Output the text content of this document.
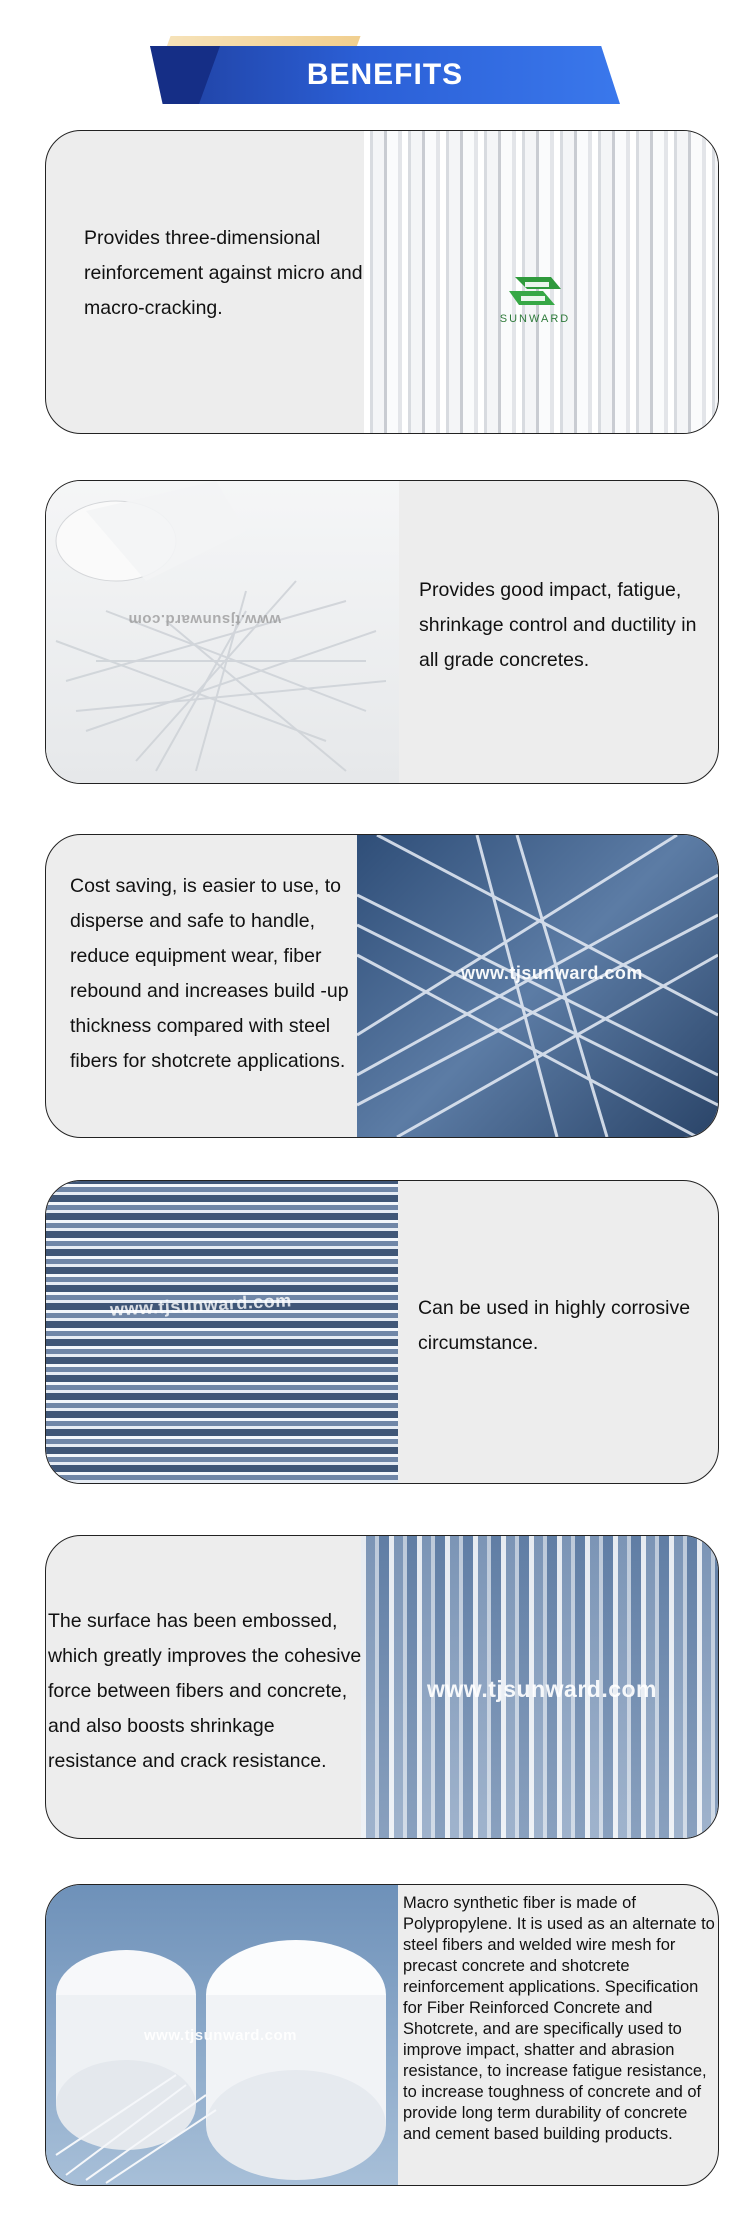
BENEFITS
Provides three-dimensional reinforcement against micro and macro-cracking.	SUNWARD
www.tjsunward.com
Provides good impact, fatigue, shrinkage control and ductility in all grade concretes.
Cost saving, is easier to use, to disperse and safe to handle, reduce equipment wear, fiber rebound and increases build -up thickness compared with steel fibers for shotcrete applications.
www.tjsunward.com
www.tjsunward.com	Can be used in highly corrosive circumstance.
The surface has been embossed, which greatly improves the cohesive force between fibers and concrete, and also boosts shrinkage resistance and crack resistance.
www.tjsunward.com
www.tjsunward.com
Macro synthetic fiber is made of Polypropylene. It is used as an alternate to steel fibers and welded wire mesh for precast concrete and shotcrete reinforcement applications. Specification for Fiber Reinforced Concrete and Shotcrete, and are specifically used to improve impact, shatter and abrasion resistance, to increase fatigue resistance, to increase toughness of concrete and of provide long term durability of concrete and cement based building products.
